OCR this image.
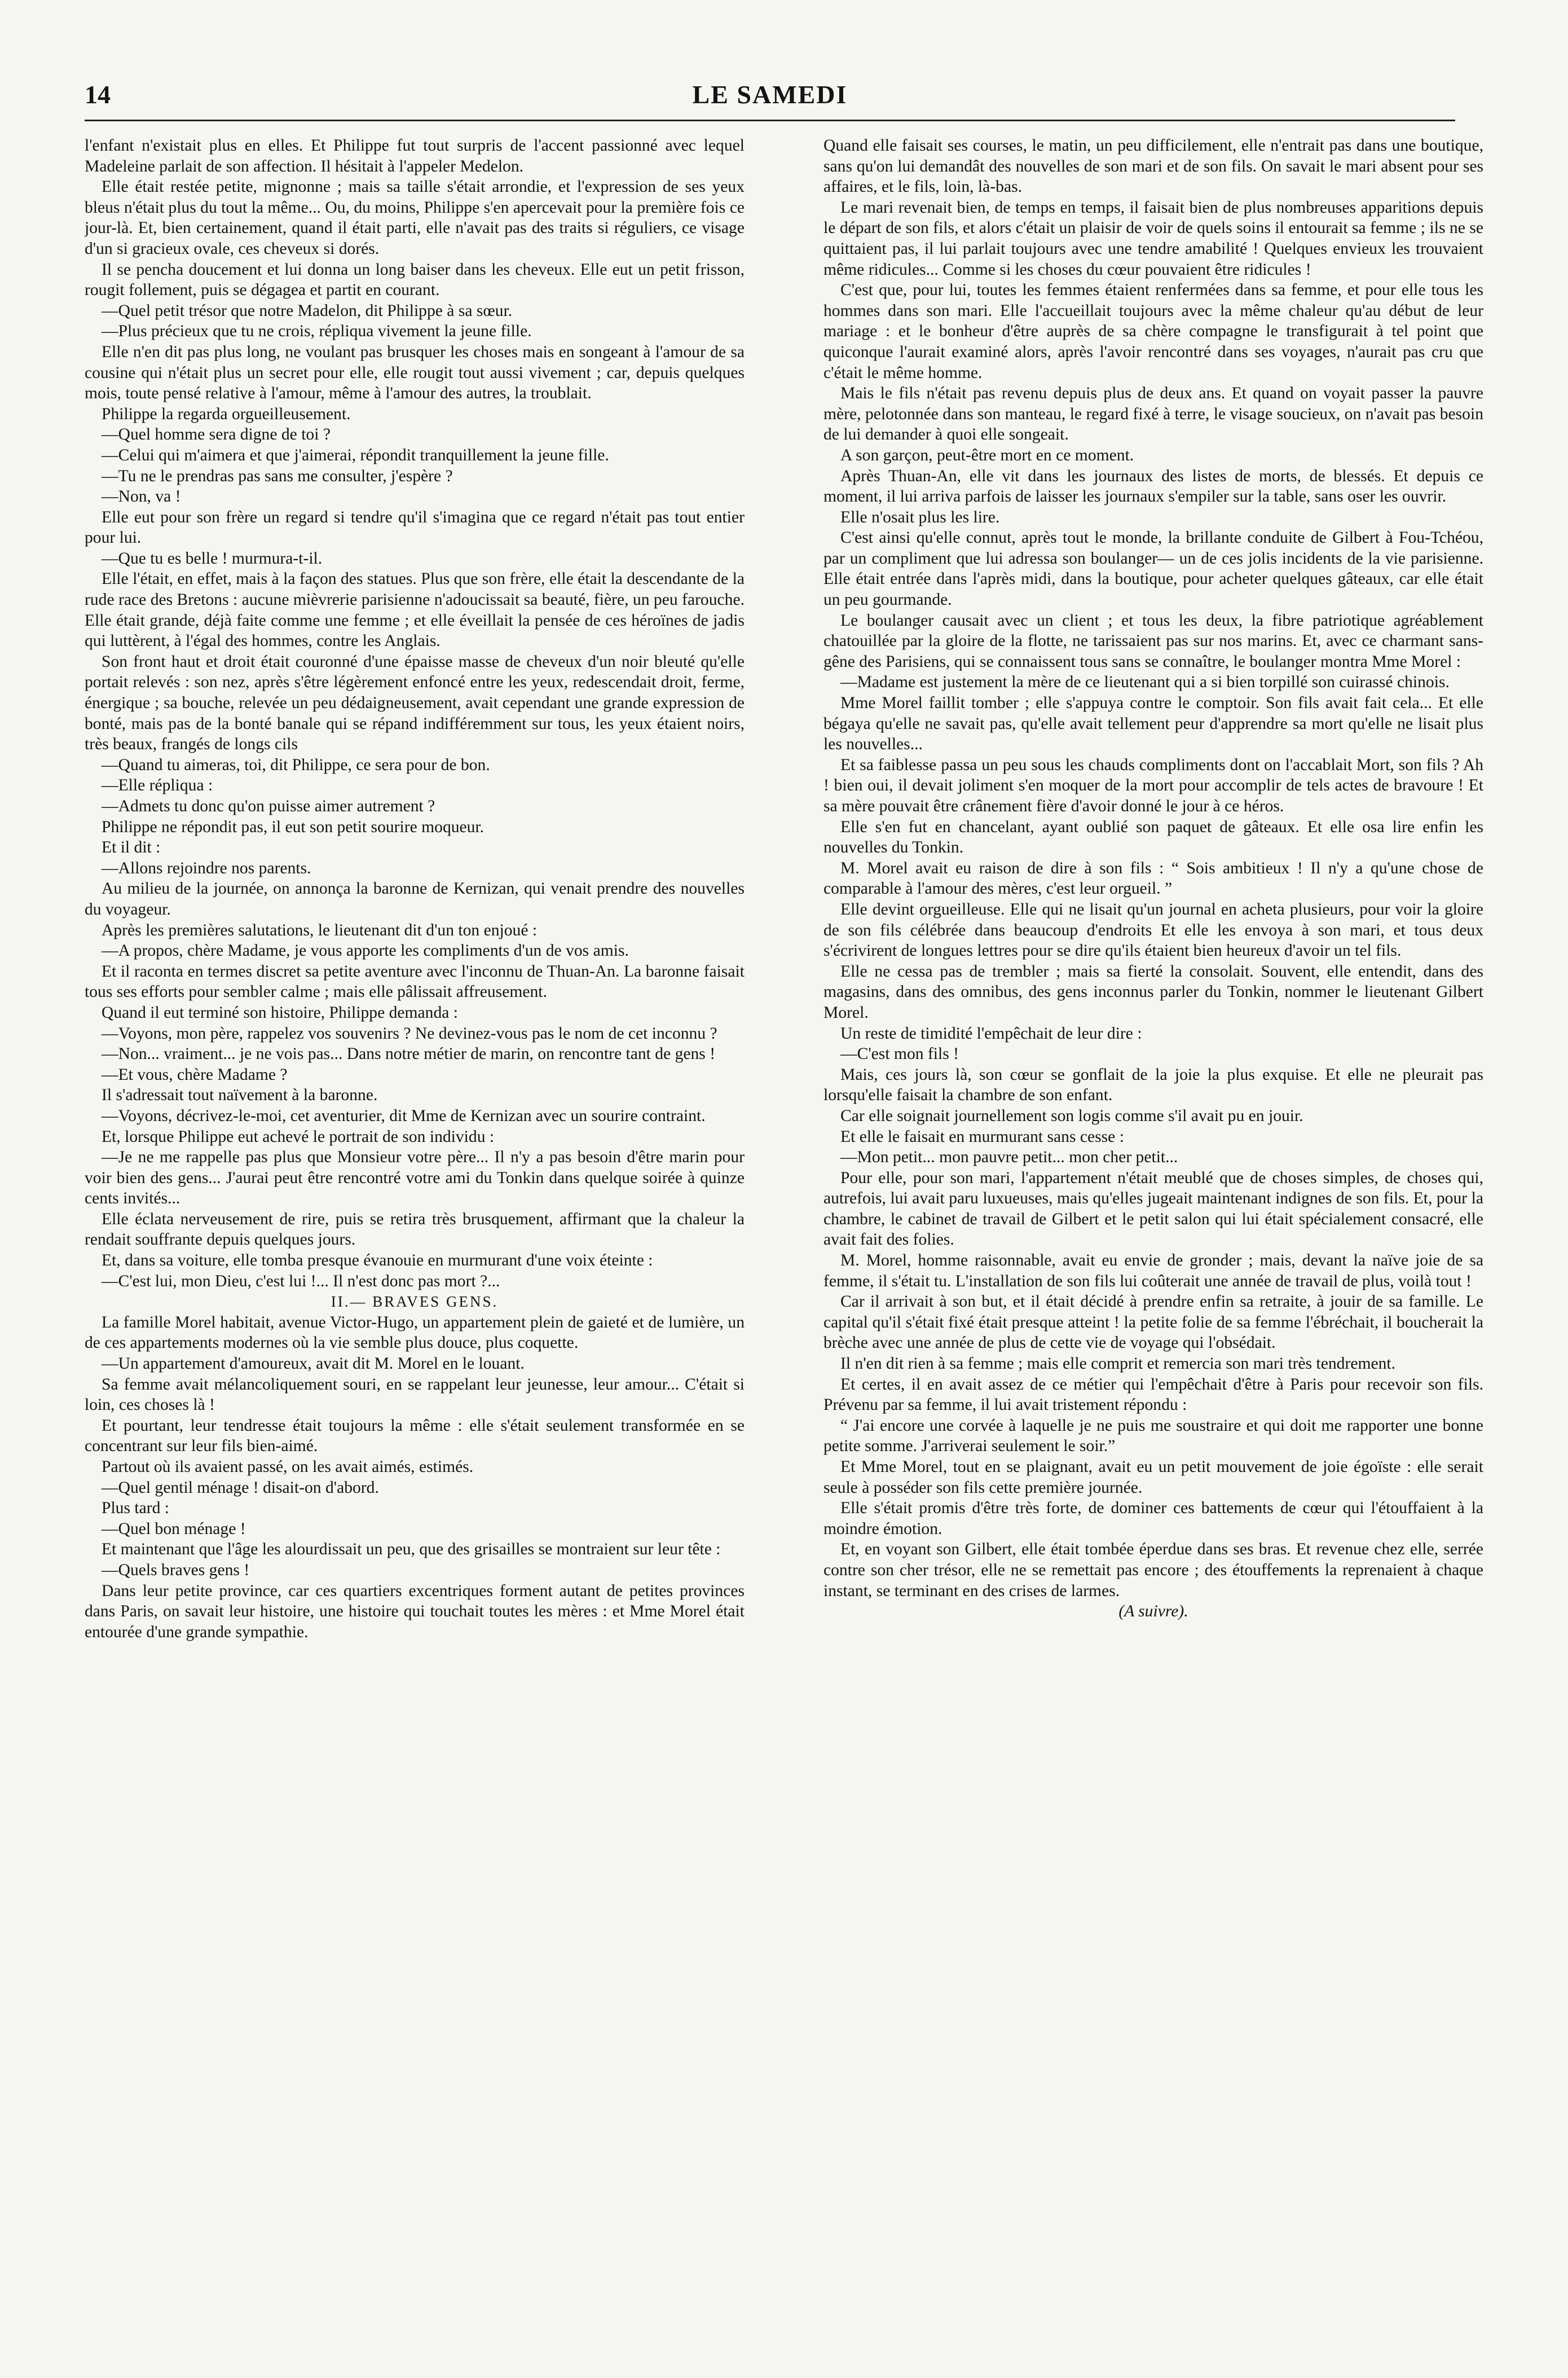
14	LE SAMEDI

l'enfant n'existait plus en elles. Et Philippe fut tout surpris de l'accent passionné avec lequel Madeleine parlait de son affection. Il hésitait à l'appeler Medelon.

Elle était restée petite, mignonne ; mais sa taille s'était arrondie, et l'expression de ses yeux bleus n'était plus du tout la même... Ou, du moins, Philippe s'en apercevait pour la première fois ce jour-là. Et, bien certainement, quand il était parti, elle n'avait pas des traits si réguliers, ce visage d'un si gracieux ovale, ces cheveux si dorés.

Il se pencha doucement et lui donna un long baiser dans les cheveux. Elle eut un petit frisson, rougit follement, puis se dégagea et partit en courant.

—Quel petit trésor que notre Madelon, dit Philippe à sa sœur.

—Plus précieux que tu ne crois, répliqua vivement la jeune fille.

Elle n'en dit pas plus long, ne voulant pas brusquer les choses mais en songeant à l'amour de sa cousine qui n'était plus un secret pour elle, elle rougit tout aussi vivement ; car, depuis quelques mois, toute pensé relative à l'amour, même à l'amour des autres, la troublait.

Philippe la regarda orgueilleusement.

—Quel homme sera digne de toi ?

—Celui qui m'aimera et que j'aimerai, répondit tranquillement la jeune fille.

—Tu ne le prendras pas sans me consulter, j'espère ?

—Non, va !

Elle eut pour son frère un regard si tendre qu'il s'imagina que ce regard n'était pas tout entier pour lui.

—Que tu es belle ! murmura-t-il.

Elle l'était, en effet, mais à la façon des statues. Plus que son frère, elle était la descendante de la rude race des Bretons : aucune mièvrerie parisienne n'adoucissait sa beauté, fière, un peu farouche. Elle était grande, déjà faite comme une femme ; et elle éveillait la pensée de ces héroïnes de jadis qui luttèrent, à l'égal des hommes, contre les Anglais.

Son front haut et droit était couronné d'une épaisse masse de cheveux d'un noir bleuté qu'elle portait relevés : son nez, après s'être légèrement enfoncé entre les yeux, redescendait droit, ferme, énergique ; sa bouche, relevée un peu dédaigneusement, avait cependant une grande expression de bonté, mais pas de la bonté banale qui se répand indifféremment sur tous, les yeux étaient noirs, très beaux, frangés de longs cils

—Quand tu aimeras, toi, dit Philippe, ce sera pour de bon.

—Elle répliqua :

—Admets tu donc qu'on puisse aimer autrement ?

Philippe ne répondit pas, il eut son petit sourire moqueur.

Et il dit :

—Allons rejoindre nos parents.

Au milieu de la journée, on annonça la baronne de Kernizan, qui venait prendre des nouvelles du voyageur.

Après les premières salutations, le lieutenant dit d'un ton enjoué :

—A propos, chère Madame, je vous apporte les compliments d'un de vos amis.

Et il raconta en termes discret sa petite aventure avec l'inconnu de Thuan-An. La baronne faisait tous ses efforts pour sembler calme ; mais elle pâlissait affreusement.

Quand il eut terminé son histoire, Philippe demanda :

—Voyons, mon père, rappelez vos souvenirs ? Ne devinez-vous pas le nom de cet inconnu ?

—Non... vraiment... je ne vois pas... Dans notre métier de marin, on rencontre tant de gens !

—Et vous, chère Madame ?

Il s'adressait tout naïvement à la baronne.

—Voyons, décrivez-le-moi, cet aventurier, dit Mme de Kernizan avec un sourire contraint.

Et, lorsque Philippe eut achevé le portrait de son individu :

—Je ne me rappelle pas plus que Monsieur votre père... Il n'y a pas besoin d'être marin pour voir bien des gens... J'aurai peut être rencontré votre ami du Tonkin dans quelque soirée à quinze cents invités...

Elle éclata nerveusement de rire, puis se retira très brusquement, affirmant que la chaleur la rendait souffrante depuis quelques jours.

Et, dans sa voiture, elle tomba presque évanouie en murmurant d'une voix éteinte :

—C'est lui, mon Dieu, c'est lui !... Il n'est donc pas mort ?...

II.— BRAVES GENS.

La famille Morel habitait, avenue Victor-Hugo, un appartement plein de gaieté et de lumière, un de ces appartements modernes où la vie semble plus douce, plus coquette.

—Un appartement d'amoureux, avait dit M. Morel en le louant.

Sa femme avait mélancoliquement souri, en se rappelant leur jeunesse, leur amour... C'était si loin, ces choses là !

Et pourtant, leur tendresse était toujours la même : elle s'était seulement transformée en se concentrant sur leur fils bien-aimé.

Partout où ils avaient passé, on les avait aimés, estimés.

—Quel gentil ménage ! disait-on d'abord.

Plus tard :

—Quel bon ménage !

Et maintenant que l'âge les alourdissait un peu, que des grisailles se montraient sur leur tête :

—Quels braves gens !

Dans leur petite province, car ces quartiers excentriques forment autant de petites provinces dans Paris, on savait leur histoire, une histoire qui touchait toutes les mères : et Mme Morel était entourée d'une grande sympathie.

Quand elle faisait ses courses, le matin, un peu difficilement, elle n'entrait pas dans une boutique, sans qu'on lui demandât des nouvelles de son mari et de son fils. On savait le mari absent pour ses affaires, et le fils, loin, là-bas.

Le mari revenait bien, de temps en temps, il faisait bien de plus nombreuses apparitions depuis le départ de son fils, et alors c'était un plaisir de voir de quels soins il entourait sa femme ; ils ne se quittaient pas, il lui parlait toujours avec une tendre amabilité ! Quelques envieux les trouvaient même ridicules... Comme si les choses du cœur pouvaient être ridicules !

C'est que, pour lui, toutes les femmes étaient renfermées dans sa femme, et pour elle tous les hommes dans son mari. Elle l'accueillait toujours avec la même chaleur qu'au début de leur mariage : et le bonheur d'être auprès de sa chère compagne le transfigurait à tel point que quiconque l'aurait examiné alors, après l'avoir rencontré dans ses voyages, n'aurait pas cru que c'était le même homme.

Mais le fils n'était pas revenu depuis plus de deux ans. Et quand on voyait passer la pauvre mère, pelotonnée dans son manteau, le regard fixé à terre, le visage soucieux, on n'avait pas besoin de lui demander à quoi elle songeait.

A son garçon, peut-être mort en ce moment.

Après Thuan-An, elle vit dans les journaux des listes de morts, de blessés. Et depuis ce moment, il lui arriva parfois de laisser les journaux s'empiler sur la table, sans oser les ouvrir.

Elle n'osait plus les lire.

C'est ainsi qu'elle connut, après tout le monde, la brillante conduite de Gilbert à Fou-Tchéou, par un compliment que lui adressa son boulanger— un de ces jolis incidents de la vie parisienne. Elle était entrée dans l'après midi, dans la boutique, pour acheter quelques gâteaux, car elle était un peu gourmande.

Le boulanger causait avec un client ; et tous les deux, la fibre patriotique agréablement chatouillée par la gloire de la flotte, ne tarissaient pas sur nos marins. Et, avec ce charmant sans-gêne des Parisiens, qui se connaissent tous sans se connaître, le boulanger montra Mme Morel :

—Madame est justement la mère de ce lieutenant qui a si bien torpillé son cuirassé chinois.

Mme Morel faillit tomber ; elle s'appuya contre le comptoir. Son fils avait fait cela... Et elle bégaya qu'elle ne savait pas, qu'elle avait tellement peur d'apprendre sa mort qu'elle ne lisait plus les nouvelles...

Et sa faiblesse passa un peu sous les chauds compliments dont on l'accablait Mort, son fils ? Ah ! bien oui, il devait joliment s'en moquer de la mort pour accomplir de tels actes de bravoure ! Et sa mère pouvait être crânement fière d'avoir donné le jour à ce héros.

Elle s'en fut en chancelant, ayant oublié son paquet de gâteaux. Et elle osa lire enfin les nouvelles du Tonkin.

M. Morel avait eu raison de dire à son fils : “ Sois ambitieux ! Il n'y a qu'une chose de comparable à l'amour des mères, c'est leur orgueil. ”

Elle devint orgueilleuse. Elle qui ne lisait qu'un journal en acheta plusieurs, pour voir la gloire de son fils célébrée dans beaucoup d'endroits Et elle les envoya à son mari, et tous deux s'écrivirent de longues lettres pour se dire qu'ils étaient bien heureux d'avoir un tel fils.

Elle ne cessa pas de trembler ; mais sa fierté la consolait. Souvent, elle entendit, dans des magasins, dans des omnibus, des gens inconnus parler du Tonkin, nommer le lieutenant Gilbert Morel.

Un reste de timidité l'empêchait de leur dire :

—C'est mon fils !

Mais, ces jours là, son cœur se gonflait de la joie la plus exquise. Et elle ne pleurait pas lorsqu'elle faisait la chambre de son enfant.

Car elle soignait journellement son logis comme s'il avait pu en jouir.

Et elle le faisait en murmurant sans cesse :

—Mon petit... mon pauvre petit... mon cher petit...

Pour elle, pour son mari, l'appartement n'était meublé que de choses simples, de choses qui, autrefois, lui avait paru luxueuses, mais qu'elles jugeait maintenant indignes de son fils. Et, pour la chambre, le cabinet de travail de Gilbert et le petit salon qui lui était spécialement consacré, elle avait fait des folies.

M. Morel, homme raisonnable, avait eu envie de gronder ; mais, devant la naïve joie de sa femme, il s'était tu. L'installation de son fils lui coûterait une année de travail de plus, voilà tout !

Car il arrivait à son but, et il était décidé à prendre enfin sa retraite, à jouir de sa famille. Le capital qu'il s'était fixé était presque atteint ! la petite folie de sa femme l'ébréchait, il boucherait la brèche avec une année de plus de cette vie de voyage qui l'obsédait.

Il n'en dit rien à sa femme ; mais elle comprit et remercia son mari très tendrement.

Et certes, il en avait assez de ce métier qui l'empêchait d'être à Paris pour recevoir son fils. Prévenu par sa femme, il lui avait tristement répondu :

“ J'ai encore une corvée à laquelle je ne puis me soustraire et qui doit me rapporter une bonne petite somme. J'arriverai seulement le soir.”

Et Mme Morel, tout en se plaignant, avait eu un petit mouvement de joie égoïste : elle serait seule à posséder son fils cette première journée.

Elle s'était promis d'être très forte, de dominer ces battements de cœur qui l'étouffaient à la moindre émotion.

Et, en voyant son Gilbert, elle était tombée éperdue dans ses bras. Et revenue chez elle, serrée contre son cher trésor, elle ne se remettait pas encore ; des étouffements la reprenaient à chaque instant, se terminant en des crises de larmes.

(A suivre).
